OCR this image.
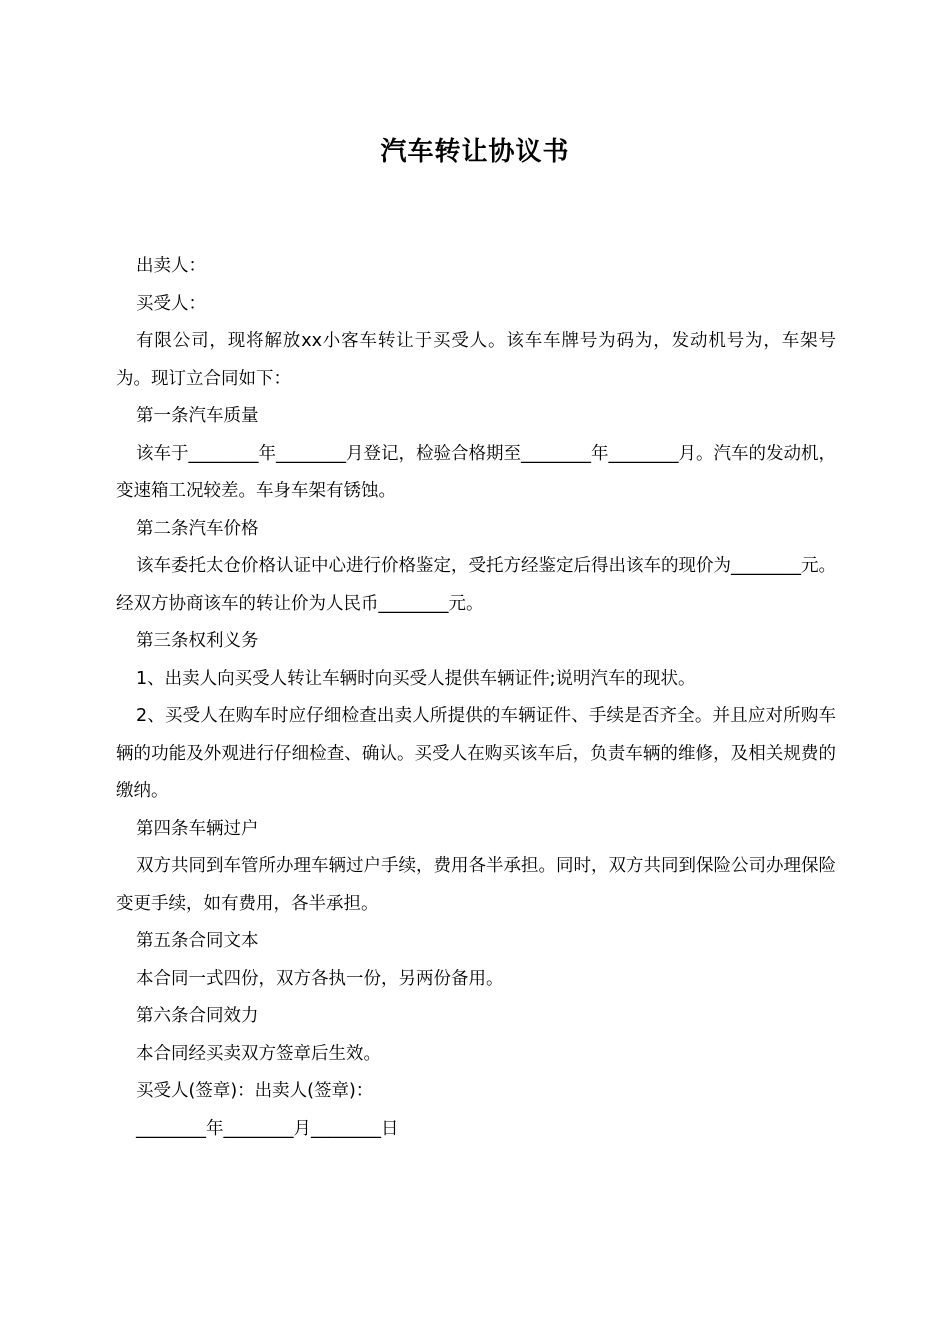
汽车转让协议书

出卖人：

买受人：

有限公司，现将解放xx小客车转让于买受人。该车车牌号为码为，发动机号为，车架号为。现订立合同如下：

第一条汽车质量

该车于________年________月登记，检验合格期至________年________月。汽车的发动机，变速箱工况较差。车身车架有锈蚀。

第二条汽车价格

该车委托太仓价格认证中心进行价格鉴定，受托方经鉴定后得出该车的现价为________元。经双方协商该车的转让价为人民币________元。

第三条权利义务

1、出卖人向买受人转让车辆时向买受人提供车辆证件;说明汽车的现状。

2、买受人在购车时应仔细检查出卖人所提供的车辆证件、手续是否齐全。并且应对所购车辆的功能及外观进行仔细检查、确认。买受人在购买该车后，负责车辆的维修，及相关规费的缴纳。

第四条车辆过户

双方共同到车管所办理车辆过户手续，费用各半承担。同时，双方共同到保险公司办理保险变更手续，如有费用，各半承担。

第五条合同文本

本合同一式四份，双方各执一份，另两份备用。

第六条合同效力

本合同经买卖双方签章后生效。

买受人(签章)：出卖人(签章)：

________年________月________日
